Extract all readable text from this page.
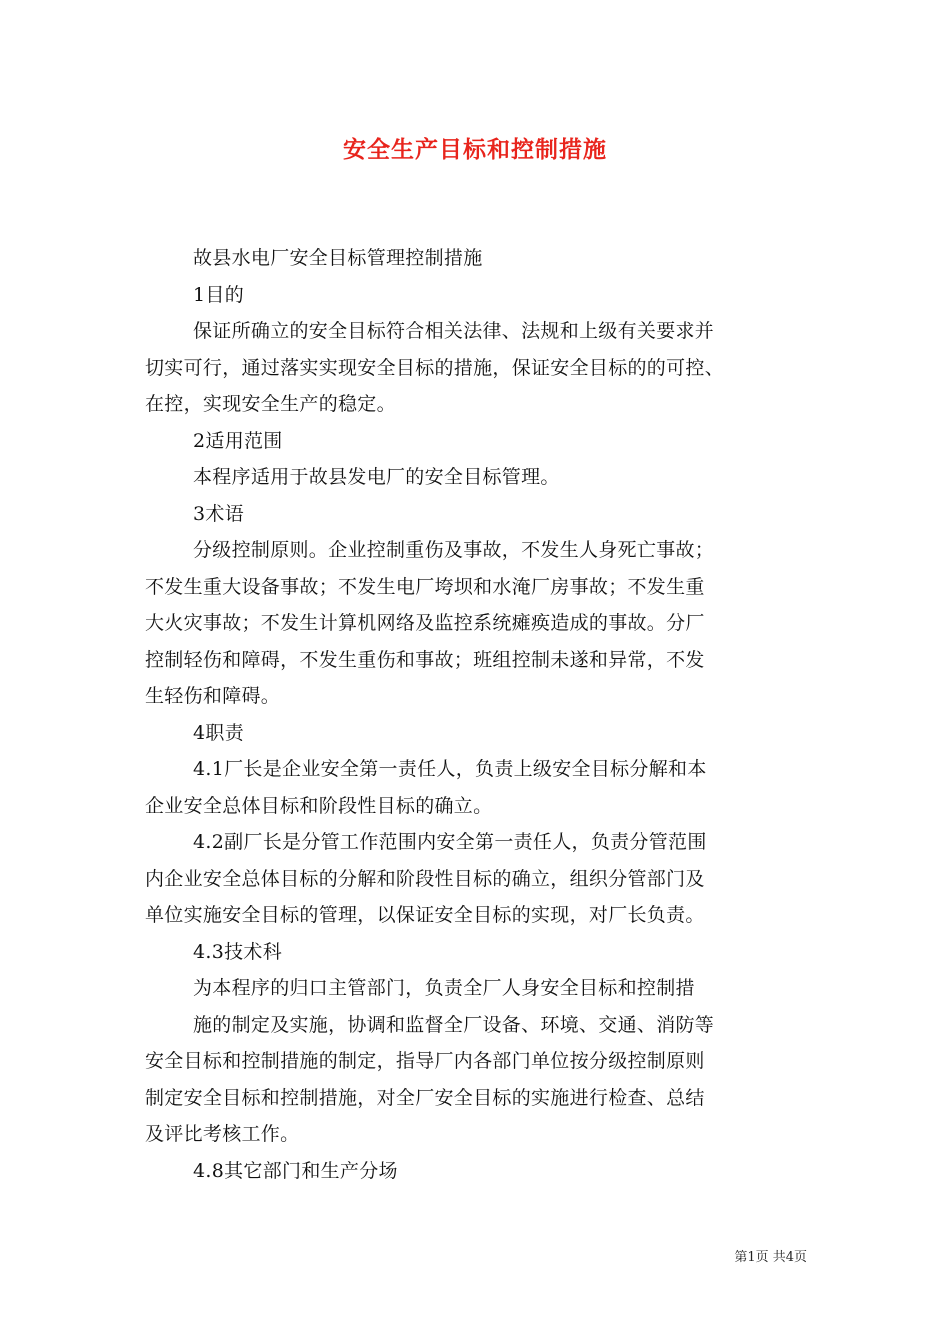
安全生产目标和控制措施

故县水电厂安全目标管理控制措施

1目的

保证所确立的安全目标符合相关法律、法规和上级有关要求并

切实可行，通过落实实现安全目标的措施，保证安全目标的的可控、

在控，实现安全生产的稳定。

2适用范围

本程序适用于故县发电厂的安全目标管理。

3术语

分级控制原则。企业控制重伤及事故，不发生人身死亡事故；

不发生重大设备事故；不发生电厂垮坝和水淹厂房事故；不发生重

大火灾事故；不发生计算机网络及监控系统瘫痪造成的事故。分厂

控制轻伤和障碍，不发生重伤和事故；班组控制未遂和异常，不发

生轻伤和障碍。

4职责

4.1厂长是企业安全第一责任人，负责上级安全目标分解和本

企业安全总体目标和阶段性目标的确立。

4.2副厂长是分管工作范围内安全第一责任人，负责分管范围

内企业安全总体目标的分解和阶段性目标的确立，组织分管部门及

单位实施安全目标的管理，以保证安全目标的实现，对厂长负责。

4.3技术科

为本程序的归口主管部门，负责全厂人身安全目标和控制措

施的制定及实施，协调和监督全厂设备、环境、交通、消防等

安全目标和控制措施的制定，指导厂内各部门单位按分级控制原则

制定安全目标和控制措施，对全厂安全目标的实施进行检查、总结

及评比考核工作。

4.8其它部门和生产分场

第1页 共4页
